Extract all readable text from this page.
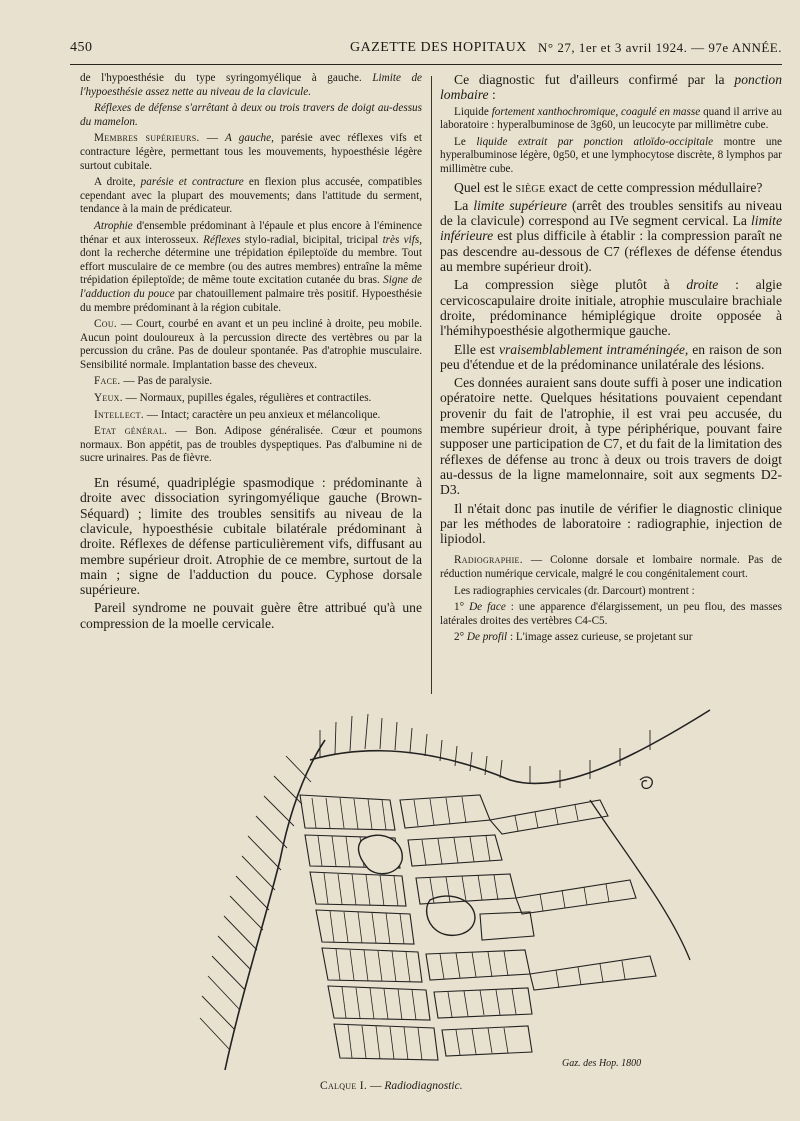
450	GAZETTE DES HOPITAUX N° 27, 1er et 3 avril 1924. — 97e ANNÉE.

de l'hypoesthésie du type syringomyélique à gauche. Limite de l'hypoesthésie assez nette au niveau de la clavicule.

Réflexes de défense s'arrêtant à deux ou trois travers de doigt au-dessus du mamelon.

Membres supérieurs. — A gauche, parésie avec réflexes vifs et contracture légère, permettant tous les mouvements, hypoesthésie légère surtout cubitale.

A droite, parésie et contracture en flexion plus accusée, compatibles cependant avec la plupart des mouvements; dans l'attitude du serment, tendance à la main de prédicateur.

Atrophie d'ensemble prédominant à l'épaule et plus encore à l'éminence thénar et aux interosseux. Réflexes stylo-radial, bicipital, tricipal très vifs, dont la recherche détermine une trépidation épileptoïde du membre. Tout effort musculaire de ce membre (ou des autres membres) entraîne la même trépidation épileptoïde; de même toute excitation cutanée du bras. Signe de l'adduction du pouce par chatouillement palmaire très positif. Hypoesthésie du membre prédominant à la région cubitale.

Cou. — Court, courbé en avant et un peu incliné à droite, peu mobile. Aucun point douloureux à la percussion directe des vertèbres ou par la percussion du crâne. Pas de douleur spontanée. Pas d'atrophie musculaire. Sensibilité normale. Implantation basse des cheveux.

Face. — Pas de paralysie.

Yeux. — Normaux, pupilles égales, régulières et contractiles.

Intellect. — Intact; caractère un peu anxieux et mélancolique.

Etat général. — Bon. Adipose généralisée. Cœur et poumons normaux. Bon appétit, pas de troubles dyspeptiques. Pas d'albumine ni de sucre urinaires. Pas de fièvre.

En résumé, quadriplégie spasmodique : prédominante à droite avec dissociation syringomyélique gauche (Brown-Séquard) ; limite des troubles sensitifs au niveau de la clavicule, hypoesthésie cubitale bilatérale prédominant à droite. Réflexes de défense particulièrement vifs, diffusant au membre supérieur droit. Atrophie de ce membre, surtout de la main ; signe de l'adduction du pouce. Cyphose dorsale supérieure.

Pareil syndrome ne pouvait guère être attribué qu'à une compression de la moelle cervicale.

Ce diagnostic fut d'ailleurs confirmé par la ponction lombaire :

Liquide fortement xanthochromique, coagulé en masse quand il arrive au laboratoire : hyperalbuminose de 3g60, un leucocyte par millimètre cube.

Le liquide extrait par ponction atloïdo-occipitale montre une hyperalbuminose légère, 0g50, et une lymphocytose discrète, 8 lymphos par millimètre cube.

Quel est le siège exact de cette compression médullaire?

La limite supérieure (arrêt des troubles sensitifs au niveau de la clavicule) correspond au IVe segment cervical. La limite inférieure est plus difficile à établir : la compression paraît ne pas descendre au-dessous de C7 (réflexes de défense étendus au membre supérieur droit).

La compression siège plutôt à droite : algie cervicoscapulaire droite initiale, atrophie musculaire brachiale droite, prédominance hémiplégique droite opposée à l'hémihypoesthésie algothermique gauche.

Elle est vraisemblablement intraméningée, en raison de son peu d'étendue et de la prédominance unilatérale des lésions.

Ces données auraient sans doute suffi à poser une indication opératoire nette. Quelques hésitations pouvaient cependant provenir du fait de l'atrophie, il est vrai peu accusée, du membre supérieur droit, à type périphérique, pouvant faire supposer une participation de C7, et du fait de la limitation des réflexes de défense au tronc à deux ou trois travers de doigt au-dessus de la ligne mamelonnaire, soit aux segments D2-D3.

Il n'était donc pas inutile de vérifier le diagnostic clinique par les méthodes de laboratoire : radiographie, injection de lipiodol.

Radiographie. — Colonne dorsale et lombaire normale. Pas de réduction numérique cervicale, malgré le cou congénitalement court.

Les radiographies cervicales (dr. Darcourt) montrent :

1° De face : une apparence d'élargissement, un peu flou, des masses latérales droites des vertèbres C4-C5.

2° De profil : L'image assez curieuse, se projetant sur

Gaz. des Hop. 1800
Calque I. — Radiodiagnostic.
